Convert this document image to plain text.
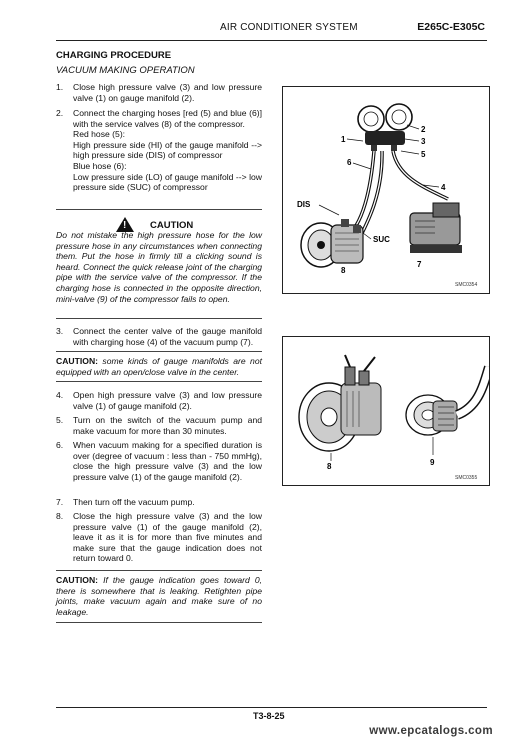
AIR CONDITIONER SYSTEM	E265C-E305C
CHARGING PROCEDURE
VACUUM MAKING OPERATION
1.	Close high pressure valve (3) and low pressure valve (1) on gauge manifold (2).
2.	Connect the charging hoses [red (5) and blue (6)] with the service valves (8) of the compressor.
Red hose (5):
High pressure side (HI) of the gauge manifold --> high pressure side (DIS) of compressor
Blue hose (6):
Low pressure side (LO) of gauge manifold --> low pressure side (SUC) of compressor
! CAUTION
Do not mistake the high pressure hose for the low pressure hose in any circumstances when connecting them. Put the hose in firmly till a clicking sound is heard. Connect the quick release joint of the charging pipe with the service valve of the compressor. If the charging hose is connected in the opposite direction, mini-valve (9) of the compressor fails to open.
3.	Connect the center valve of the gauge manifold with charging hose (4) of the vacuum pump (7).
CAUTION: some kinds of gauge manifolds are not equipped with an open/close valve in the center.
4.	Open high pressure valve (3) and low pressure valve (1) of gauge manifold (2).
5.	Turn on the switch of the vacuum pump and make vacuum for more than 30 minutes.
6.	When vacuum making for a specified duration is over (degree of vacuum : less than - 750 mmHg), close the high pressure valve (3) and the low pressure valve (1) of the gauge manifold (2).
7.	Then turn off the vacuum pump.
8.	Close the high pressure valve (3) and the low pressure valve (1) of the gauge manifold (2), leave it as it is for more than five minutes and make sure that the gauge indication does not return toward 0.
CAUTION: If the gauge indication goes toward 0, there is somewhere that is leaking. Retighten pipe joints, make vacuum again and make sure of no leakage.
1
2
3
4
5
6
7
8
DIS
SUC
SMC0354
8	9
SMC0355
T3-8-25
www.epcatalogs.com
